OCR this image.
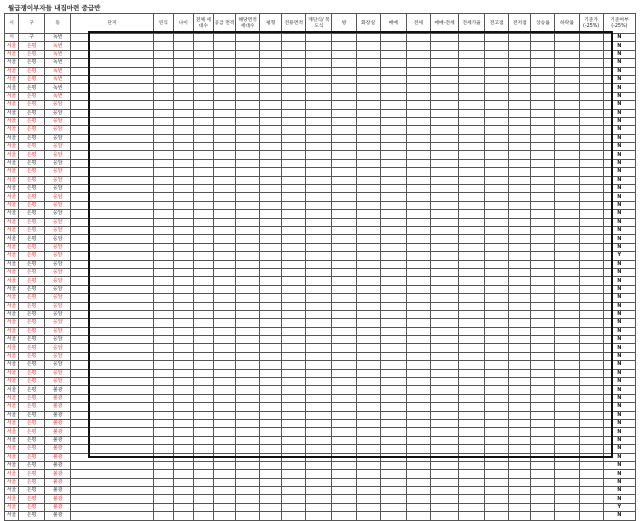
월급쟁이부자들 내집마련 중급반
시	구	동	단지	연식	나이	전체 세대수	공급 면적	해당면적 세대수	평형	전용면적	계단식/ 복도식	방	화장실	매매	전세	매매-전세	전세가율	전고점	전저점	상승률	하락률	기준가 (-25%)	기준여부 (-25%)
시	구	녹번																					N
서울	은평	녹번																					N
서울	은평	녹번																					N
서울	은평	녹번																					N
서울	은평	녹번																					N
서울	은평	녹번																					N
서울	은평	녹번																					N
서울	은평	녹번																					N
서울	은평	응암																					N
서울	은평	응암																					N
서울	은평	응암																					N
서울	은평	응암																					N
서울	은평	응암																					N
서울	은평	응암																					N
서울	은평	응암																					N
서울	은평	응암																					N
서울	은평	응암																					N
서울	은평	응암																					N
서울	은평	응암																					N
서울	은평	응암																					N
서울	은평	응암																					N
서울	은평	응암																					N
서울	은평	응암																					N
서울	은평	응암																					N
서울	은평	응암																					N
서울	은평	응암																					N
서울	은평	응암																					Y
서울	은평	응암																					N
서울	은평	응암																					N
서울	은평	응암																					N
서울	은평	응암																					N
서울	은평	응암																					N
서울	은평	응암																					N
서울	은평	응암																					N
서울	은평	응암																					N
서울	은평	응암																					N
서울	은평	응암																					N
서울	은평	응암																					N
서울	은평	응암																					N
서울	은평	응암																					N
서울	은평	응암																					N
서울	은평	응암																					N
서울	은평	불광																					N
서울	은평	불광																					N
서울	은평	불광																					N
서울	은평	불광																					N
서울	은평	불광																					N
서울	은평	불광																					N
서울	은평	불광																					N
서울	은평	불광																					N
서울	은평	불광																					N
서울	은평	불광																					N
서울	은평	불광																					N
서울	은평	불광																					N
서울	은평	불광																					N
서울	은평	불광																					N
서울	은평	불광																					Y
서울	은평	불광																					N
